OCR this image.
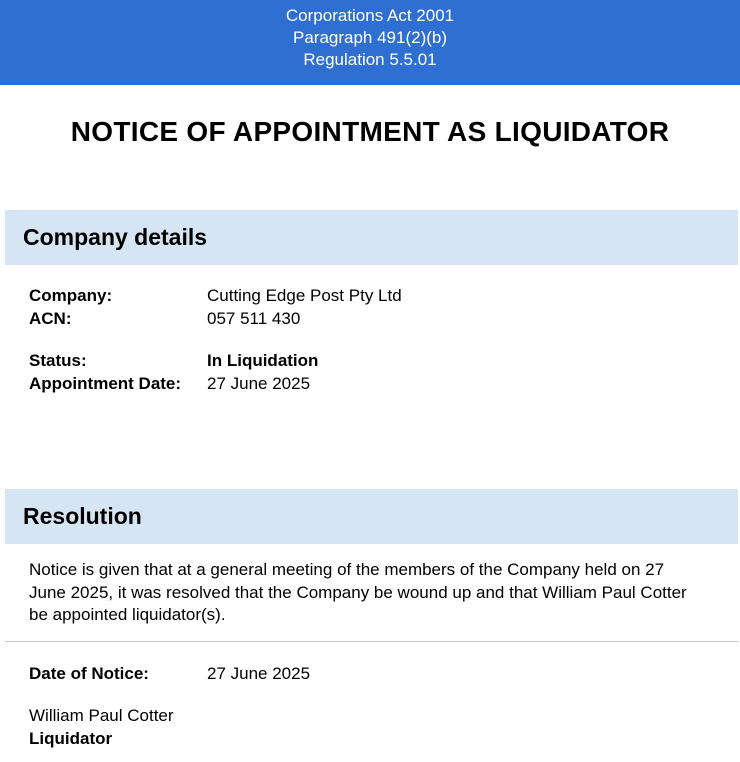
Corporations Act 2001
Paragraph 491(2)(b)
Regulation 5.5.01
NOTICE OF APPOINTMENT AS LIQUIDATOR
Company details
Company:	Cutting Edge Post Pty Ltd
ACN:	057 511 430
Status:	In Liquidation
Appointment Date: 27 June 2025
Resolution

Notice is given that at a general meeting of the members of the Company held on 27 June 2025, it was resolved that the Company be wound up and that William Paul Cotter be appointed liquidator(s).

Date of Notice:	27 June 2025
William Paul Cotter
Liquidator
